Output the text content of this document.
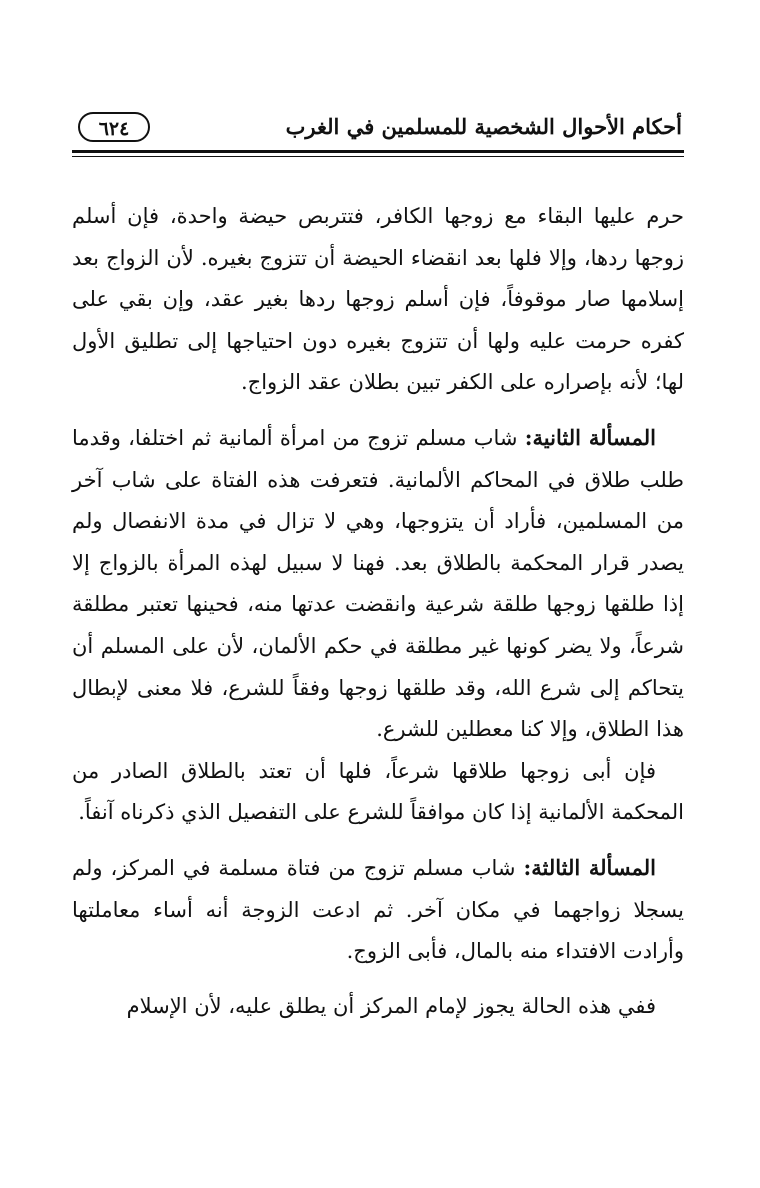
أحكام الأحوال الشخصية للمسلمين في الغرب
٦٢٤

حرم عليها البقاء مع زوجها الكافر، فتتربص حيضة واحدة، فإن أسلم زوجها ردها، وإلا فلها بعد انقضاء الحيضة أن تتزوج بغيره. لأن الزواج بعد إسلامها صار موقوفاً، فإن أسلم زوجها ردها بغير عقد، وإن بقي على كفره حرمت عليه ولها أن تتزوج بغيره دون احتياجها إلى تطليق الأول لها؛ لأنه بإصراره على الكفر تبين بطلان عقد الزواج.

المسألة الثانية: شاب مسلم تزوج من امرأة ألمانية ثم اختلفا، وقدما طلب طلاق في المحاكم الألمانية. فتعرفت هذه الفتاة على شاب آخر من المسلمين، فأراد أن يتزوجها، وهي لا تزال في مدة الانفصال ولم يصدر قرار المحكمة بالطلاق بعد. فهنا لا سبيل لهذه المرأة بالزواج إلا إذا طلقها زوجها طلقة شرعية وانقضت عدتها منه، فحينها تعتبر مطلقة شرعاً، ولا يضر كونها غير مطلقة في حكم الألمان، لأن على المسلم أن يتحاكم إلى شرع الله، وقد طلقها زوجها وفقاً للشرع، فلا معنى لإبطال هذا الطلاق، وإلا كنا معطلين للشرع.

فإن أبى زوجها طلاقها شرعاً، فلها أن تعتد بالطلاق الصادر من المحكمة الألمانية إذا كان موافقاً للشرع على التفصيل الذي ذكرناه آنفاً.

المسألة الثالثة: شاب مسلم تزوج من فتاة مسلمة في المركز، ولم يسجلا زواجهما في مكان آخر. ثم ادعت الزوجة أنه أساء معاملتها وأرادت الافتداء منه بالمال، فأبى الزوج.

ففي هذه الحالة يجوز لإمام المركز أن يطلق عليه، لأن الإسلام
